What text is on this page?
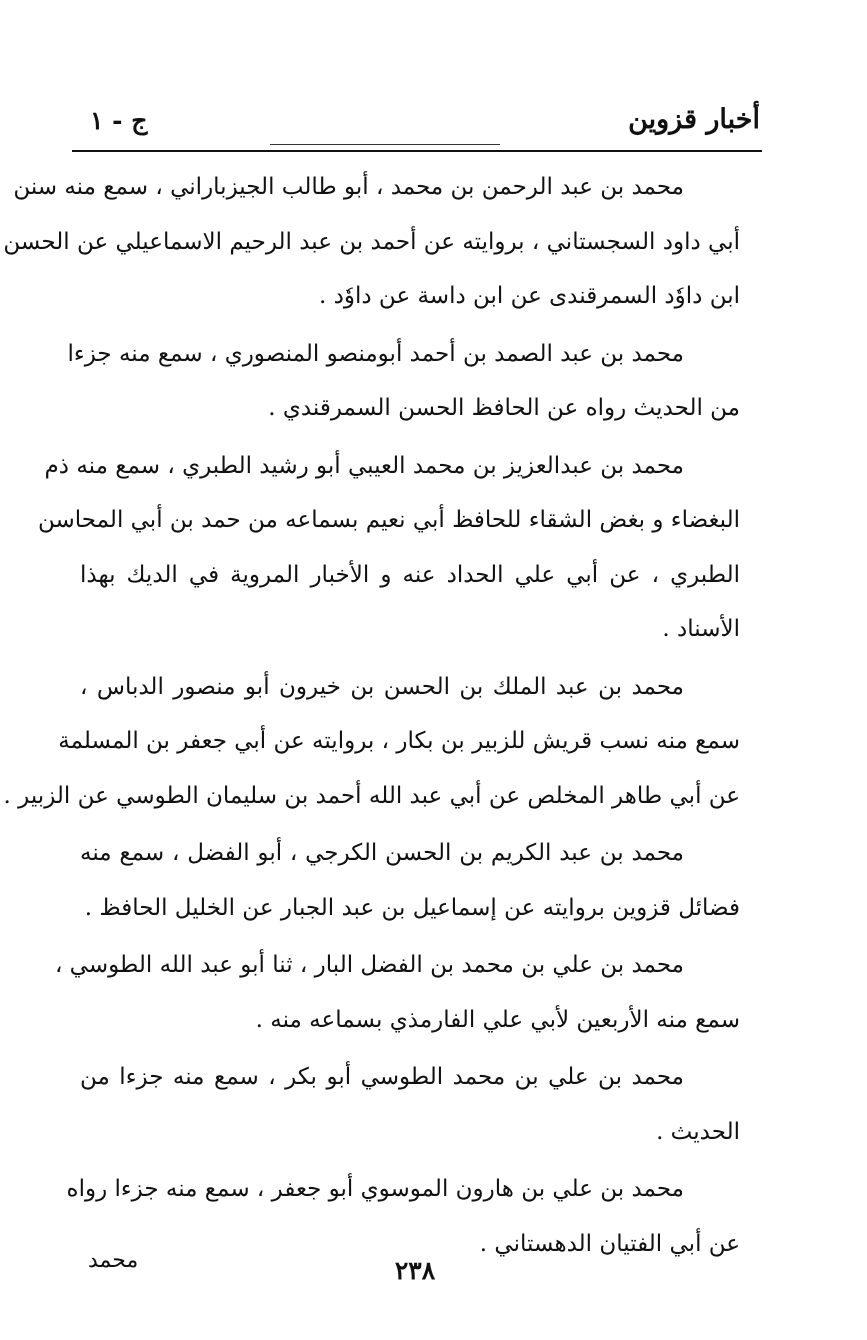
أخبار قزوين
ج - ١
محمد بن عبد الرحمن بن محمد ، أبو طالب الجيزباراني ، سمع منه سنن
أبي داود السجستاني ، بروايته عن أحمد بن عبد الرحيم الاسماعيلي عن الحسن
ابن داوٗد السمرقندی عن ابن داسة عن داوٗد .
محمد بن عبد الصمد بن أحمد أبومنصو المنصوري ، سمع منه جزءا
من الحديث رواه عن الحافظ الحسن السمرقندي .
محمد بن عبدالعزيز بن محمد العيبي أبو رشيد الطبري ، سمع منه ذم
البغضاء و بغض الشقاء للحافظ أبي نعيم بسماعه من حمد بن أبي المحاسن
الطبري ، عن أبي علي الحداد عنه و الأخبار المروية في الديك بهذا
الأسناد .
محمد بن عبد الملك بن الحسن بن خيرون أبو منصور الدباس ،
سمع منه نسب قريش للزبير بن بكار ، بروايته عن أبي جعفر بن المسلمة
عن أبي طاهر المخلص عن أبي عبد الله أحمد بن سليمان الطوسي عن الزبير .
محمد بن عبد الكريم بن الحسن الكرجي ، أبو الفضل ، سمع منه
فضائل قزوين بروايته عن إسماعيل بن عبد الجبار عن الخليل الحافظ .
محمد بن علي بن محمد بن الفضل البار ، ثنا أبو عبد الله الطوسي ،
سمع منه الأربعين لأبي علي الفارمذي بسماعه منه .
محمد بن علي بن محمد الطوسي أبو بكر ، سمع منه جزءا من
الحديث .
محمد بن علي بن هارون الموسوي أبو جعفر ، سمع منه جزءا رواه
عن أبي الفتيان الدهستاني .
محمد	٢٣٨
